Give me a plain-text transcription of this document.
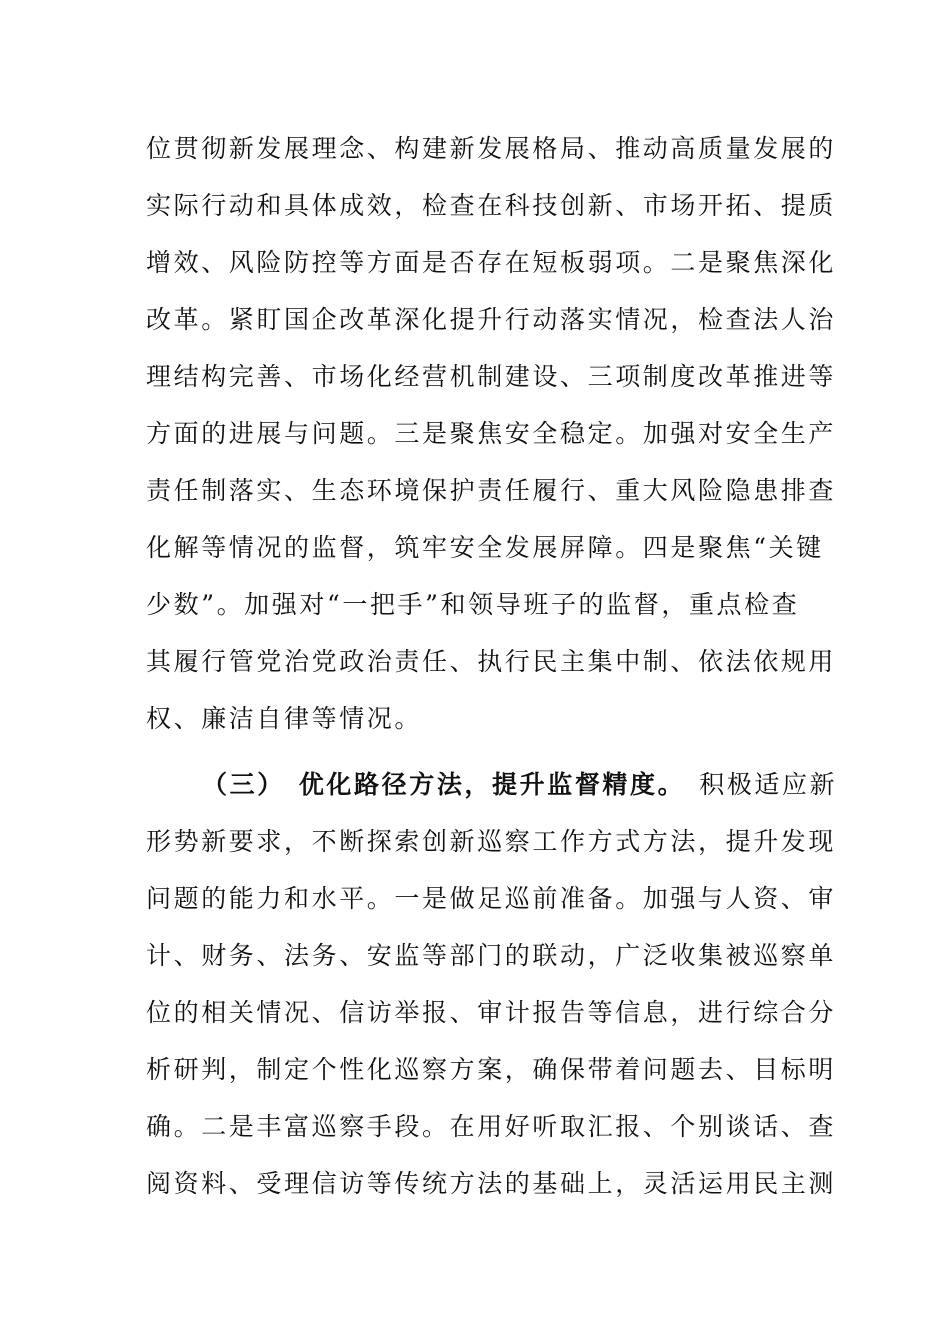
位贯彻新发展理念、构建新发展格局、推动高质量发展的
实际行动和具体成效，检查在科技创新、市场开拓、提质
增效、风险防控等方面是否存在短板弱项。二是聚焦深化
改革。紧盯国企改革深化提升行动落实情况，检查法人治
理结构完善、市场化经营机制建设、三项制度改革推进等
方面的进展与问题。三是聚焦安全稳定。加强对安全生产
责任制落实、生态环境保护责任履行、重大风险隐患排查
化解等情况的监督，筑牢安全发展屏障。四是聚焦“关键
少数”。加强对“一把手”和领导班子的监督，重点检查
其履行管党治党政治责任、执行民主集中制、依法依规用
权、廉洁自律等情况。
（三） 优化路径方法，提升监督精度。 积极适应新
形势新要求，不断探索创新巡察工作方式方法，提升发现
问题的能力和水平。一是做足巡前准备。加强与人资、审
计、财务、法务、安监等部门的联动，广泛收集被巡察单
位的相关情况、信访举报、审计报告等信息，进行综合分
析研判，制定个性化巡察方案，确保带着问题去、目标明
确。二是丰富巡察手段。在用好听取汇报、个别谈话、查
阅资料、受理信访等传统方法的基础上，灵活运用民主测
